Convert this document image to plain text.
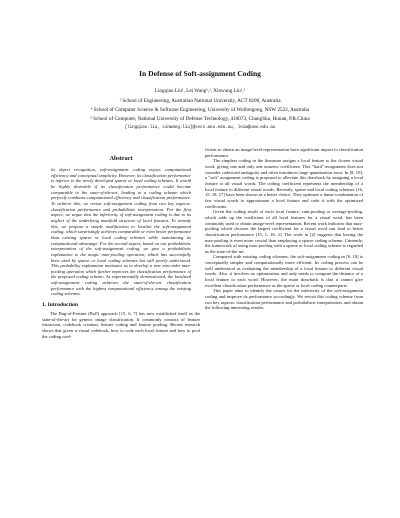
In Defense of Soft-assignment Coding
Lingqiao Liu¹, Lei Wang¹,², Xinwang Liu¹,³
¹ School of Engineering, Australian National University, ACT 0200, Australia
² School of Computer Science & Software Engineering, University of Wollongong, NSW 2522, Australia
³ School of Computer, National University of Defense Technology, 410073, ChangSha, Hunan, P.R.China
{lingqiao.liu, xinwang.liu}@cecs.anu.edu.au, leiw@uow.edu.au
Abstract

In object recognition, soft-assignment coding enjoys computational efficiency and conceptual simplicity. However, its classification performance is inferior to the newly developed sparse or local coding schemes. It would be highly desirable if its classification performance could become comparable to the state-of-the-art, leading to a coding scheme which perfectly combines computational efficiency and classification performance. To achieve this, we revisit soft-assignment coding from two key aspects: classification performance and probabilistic interpretation. For the first aspect, we argue that the inferiority of soft-assignment coding is due to its neglect of the underlying manifold structure of local features. To remedy this, we propose a simple modification to localize the soft-assignment coding, which surprisingly achieves comparable or even better performance than existing sparse or local coding schemes while maintaining its computational advantage. For the second aspect, based on our probabilistic interpretation of the soft-assignment coding, we give a probabilistic explanation to the magic max-pooling operation, which has successfully been used by sparse or local coding schemes but still poorly understood. This probability explanation motivates us to develop a new mix-order max-pooling operation which further improves the classification performance of the proposed coding scheme. As experimentally demonstrated, the localized soft-assignment coding achieves the state-of-the-art classification performance with the highest computational efficiency among the existing coding schemes.

1. Introduction

The Bag-of-Feature (BoF) approach [15, 6, 7] has now established itself as the state-of-the-art for generic image classification. It commonly consists of feature extraction, codebook creation, feature coding and feature pooling. Recent research shows that given a visual codebook, how to code each local feature and how to pool the coding coef-

ficient to obtain an image-level representation have significant impact to classification performance.

The simplest coding in the literature assigns a local feature to the closest visual word, giving one and only one nonzero coefficient. This "hard"-assignment does not consider codeword ambiguity and often introduces large quantization error. In [8, 10], a "soft" assignment coding is proposed to alleviate this drawback by assigning a local feature to all visual words. The coding coefficient represents the membership of a local feature to different visual words. Recently, sparse and local coding schemes [16, 15, 18, 17] have been shown as a better choice. They optimize a linear-combination of few visual words to approximate a local feature and code it with the optimized coefficients.

Given the coding result of each local feature, sum-pooling or average-pooling, which adds up the coefficient of all local features for a visual word, has been commonly used to obtain image-level representation. Recent work indicates that max-pooling which chooses the largest coefficient for a visual word can lead to better classification performance [15, 1, 16, 2]. The work in [2] suggests that having the max-pooling is even more crucial than employing a sparse coding scheme. Currently, the framework of using max-pooling with a sparse or local coding scheme is regarded as the state-of-the-art.

Compared with existing coding schemes, the soft-assignment coding in [8, 10] is conceptually simpler and computationally more efficient. Its coding process can be well understood as evaluating the membership of a local feature to different visual words. Also, it involves no optimization and only needs to compute the distance of a local feature to each word. However, the main drawback is that it cannot give excellent classification performance as the sparse or local coding counterparts.

This paper aims to identify the causes for the inferiority of the soft-assignment coding and improve its performance accordingly. We revisit this coding scheme from two key aspects: classification performance and probabilistic interpretation, and obtain the following interesting results:
